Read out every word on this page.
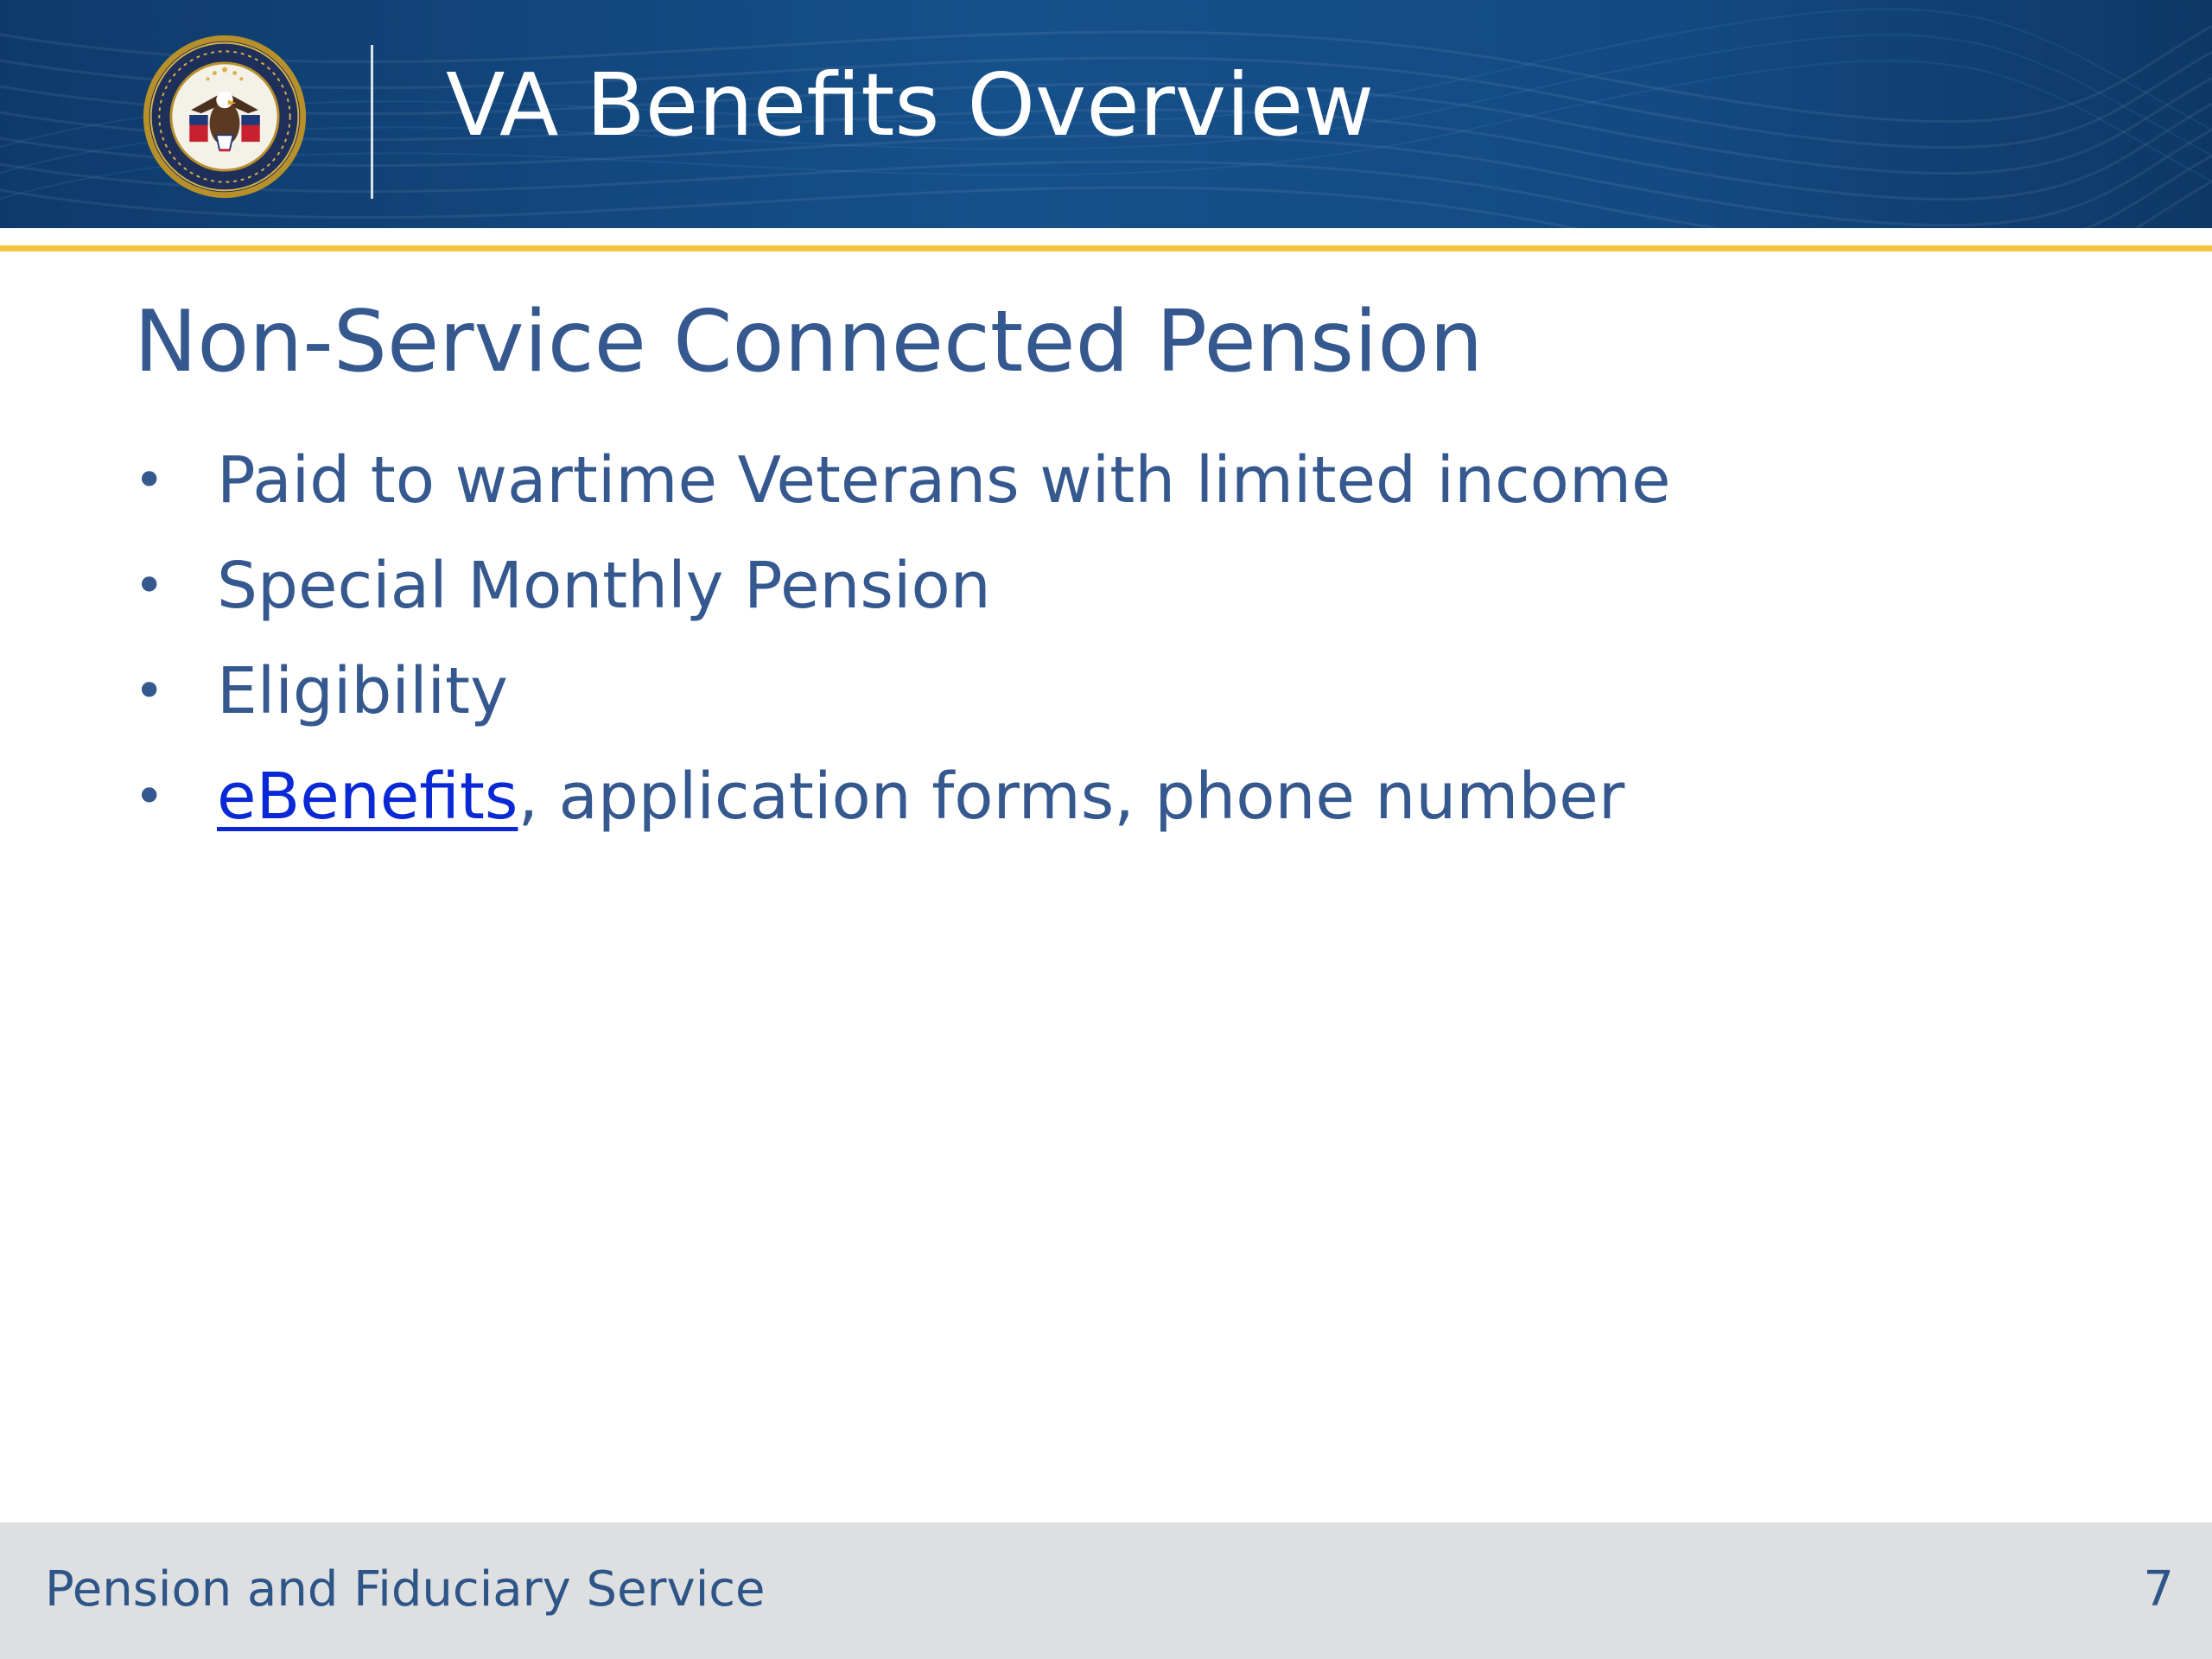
VA Benefits Overview
Non-Service Connected Pension
• Paid to wartime Veterans with limited income
• Special Monthly Pension
• Eligibility
• eBenefits, application forms, phone number
Pension and Fiduciary Service	7
